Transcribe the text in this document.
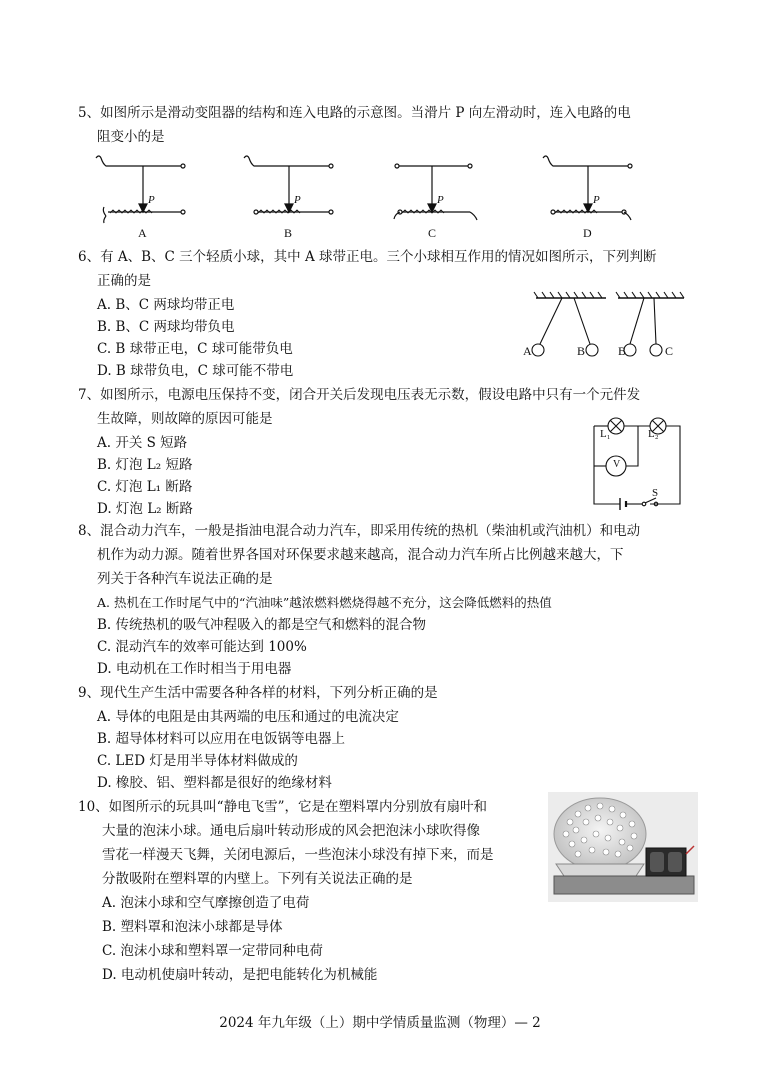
5、如图所示是滑动变阻器的结构和连入电路的示意图。当滑片 P 向左滑动时，连入电路的电
阻变小的是
P	P	P	P
A	B	C	D
6、有 A、B、C 三个轻质小球，其中 A 球带正电。三个小球相互作用的情况如图所示，下列判断
正确的是
A. B、C 两球均带正电
B. B、C 两球均带负电
C. B 球带正电，C 球可能带负电
D. B 球带负电，C 球可能不带电
A	B	B	C
7、如图所示，电源电压保持不变，闭合开关后发现电压表无示数，假设电路中只有一个元件发
生故障，则故障的原因可能是
A. 开关 S 短路
B. 灯泡 L₂ 短路
C. 灯泡 L₁ 断路
D. 灯泡 L₂ 断路
L₁	L₂
V
S
8、混合动力汽车，一般是指油电混合动力汽车，即采用传统的热机（柴油机或汽油机）和电动
机作为动力源。随着世界各国对环保要求越来越高，混合动力汽车所占比例越来越大，下
列关于各种汽车说法正确的是
A. 热机在工作时尾气中的“汽油味”越浓燃料燃烧得越不充分，这会降低燃料的热值
B. 传统热机的吸气冲程吸入的都是空气和燃料的混合物
C. 混动汽车的效率可能达到 100%
D. 电动机在工作时相当于用电器
9、现代生产生活中需要各种各样的材料，下列分析正确的是
A. 导体的电阻是由其两端的电压和通过的电流决定
B. 超导体材料可以应用在电饭锅等电器上
C. LED 灯是用半导体材料做成的
D. 橡胶、铝、塑料都是很好的绝缘材料
10、如图所示的玩具叫“静电飞雪”，它是在塑料罩内分别放有扇叶和
大量的泡沫小球。通电后扇叶转动形成的风会把泡沫小球吹得像
雪花一样漫天飞舞，关闭电源后，一些泡沫小球没有掉下来，而是
分散吸附在塑料罩的内壁上。下列有关说法正确的是
A. 泡沫小球和空气摩擦创造了电荷
B. 塑料罩和泡沫小球都是导体
C. 泡沫小球和塑料罩一定带同种电荷
D. 电动机使扇叶转动，是把电能转化为机械能
2024 年九年级（上）期中学情质量监测（物理）— 2
